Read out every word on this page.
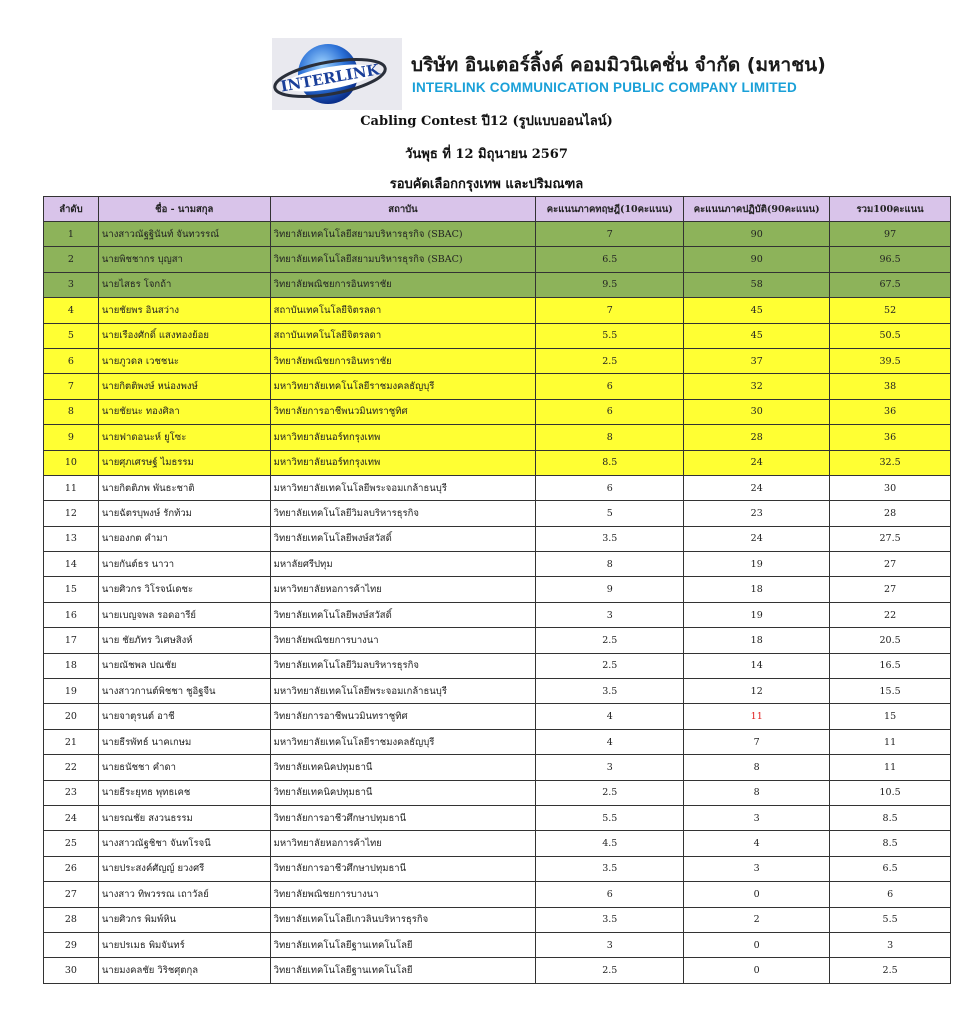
INTERLINK บริษัท อินเตอร์ลิ้งค์ คอมมิวนิเคชั่น จำกัด (มหาชน)
INTERLINK COMMUNICATION PUBLIC COMPANY LIMITED
Cabling Contest ปี12 (รูปแบบออนไลน์)
วันพุธ ที่ 12 มิถุนายน 2567
รอบคัดเลือกกรุงเทพ และปริมณฑล
ลำดับ	ชื่อ - นามสกุล	สถาบัน	คะแนนภาคทฤษฎี(10คะแนน)	คะแนนภาคปฏิบัติ(90คะแนน)	รวม100คะแนน
1	นางสาวณัฐฐินันท์ จันทวรรณ์	วิทยาลัยเทคโนโลยีสยามบริหารธุรกิจ (SBAC)	7	90	97
2	นายพิชชากร บุญสา	วิทยาลัยเทคโนโลยีสยามบริหารธุรกิจ (SBAC)	6.5	90	96.5
3	นายไสธร โจกถ้า	วิทยาลัยพณิชยการอินทราชัย	9.5	58	67.5
4	นายชัยพร อินสว่าง	สถาบันเทคโนโลยีจิตรลดา	7	45	52
5	นายเรืองศักดิ์ แสงทองย้อย	สถาบันเทคโนโลยีจิตรลดา	5.5	45	50.5
6	นายภูวดล เวชชนะ	วิทยาลัยพณิชยการอินทราชัย	2.5	37	39.5
7	นายกิตติพงษ์ หน่องพงษ์	มหาวิทยาลัยเทคโนโลยีราชมงคลธัญบุรี	6	32	38
8	นายชัยนะ ทองศิลา	วิทยาลัยการอาชีพนวมินทราชูทิศ	6	30	36
9	นายฟาดอนะห์ ยูโซะ	มหาวิทยาลัยนอร์ทกรุงเทพ	8	28	36
10	นายศุภเศรษฐ์ ไมธรรม	มหาวิทยาลัยนอร์ทกรุงเทพ	8.5	24	32.5
11	นายกิตติภพ พันธะชาติ	มหาวิทยาลัยเทคโนโลยีพระจอมเกล้าธนบุรี	6	24	30
12	นายฉัตรบุพงษ์ รักท้วม	วิทยาลัยเทคโนโลยีวิมลบริหารธุรกิจ	5	23	28
13	นายองกต คำมา	วิทยาลัยเทคโนโลยีพงษ์สวัสดิ์	3.5	24	27.5
14	นายกันต์ธร นาวา	มหาลัยศรีปทุม	8	19	27
15	นายศิวกร วิโรจน์เดชะ	มหาวิทยาลัยหอการค้าไทย	9	18	27
16	นายเบญจพล รอดอารีย์	วิทยาลัยเทคโนโลยีพงษ์สวัสดิ์	3	19	22
17	นาย ชัยภัทร วิเศษสิงห์	วิทยาลัยพณิชยการบางนา	2.5	18	20.5
18	นายณัชพล ปณชัย	วิทยาลัยเทคโนโลยีวิมลบริหารธุรกิจ	2.5	14	16.5
19	นางสาวกานต์พิชชา ชูอิฐจีน	มหาวิทยาลัยเทคโนโลยีพระจอมเกล้าธนบุรี	3.5	12	15.5
20	นายจาตุรนต์ อาชี	วิทยาลัยการอาชีพนวมินทราชูทิศ	4	11	15
21	นายธีรพัทธ์ นาคเกษม	มหาวิทยาลัยเทคโนโลยีราชมงคลธัญบุรี	4	7	11
22	นายธนัชชา คำดา	วิทยาลัยเทคนิคปทุมธานี	3	8	11
23	นายธีระยุทธ พุทธเคช	วิทยาลัยเทคนิคปทุมธานี	2.5	8	10.5
24	นายรณชัย สงวนธรรม	วิทยาลัยการอาชีวศึกษาปทุมธานี	5.5	3	8.5
25	นางสาวณัฐชิชา จันทโรจนี	มหาวิทยาลัยหอการค้าไทย	4.5	4	8.5
26	นายประสงค์ศัญญ์ ยวงศรี	วิทยาลัยการอาชีวศึกษาปทุมธานี	3.5	3	6.5
27	นางสาว ทิพวรรณ เถาวัลย์	วิทยาลัยพณิชยการบางนา	6	0	6
28	นายศิวกร พิมพ์หิน	วิทยาลัยเทคโนโลยีเกวลินบริหารธุรกิจ	3.5	2	5.5
29	นายปรเมธ พิมจันทร์	วิทยาลัยเทคโนโลยีฐานเทคโนโลยี	3	0	3
30	นายมงคลชัย วิริชศุตกุล	วิทยาลัยเทคโนโลยีฐานเทคโนโลยี	2.5	0	2.5
